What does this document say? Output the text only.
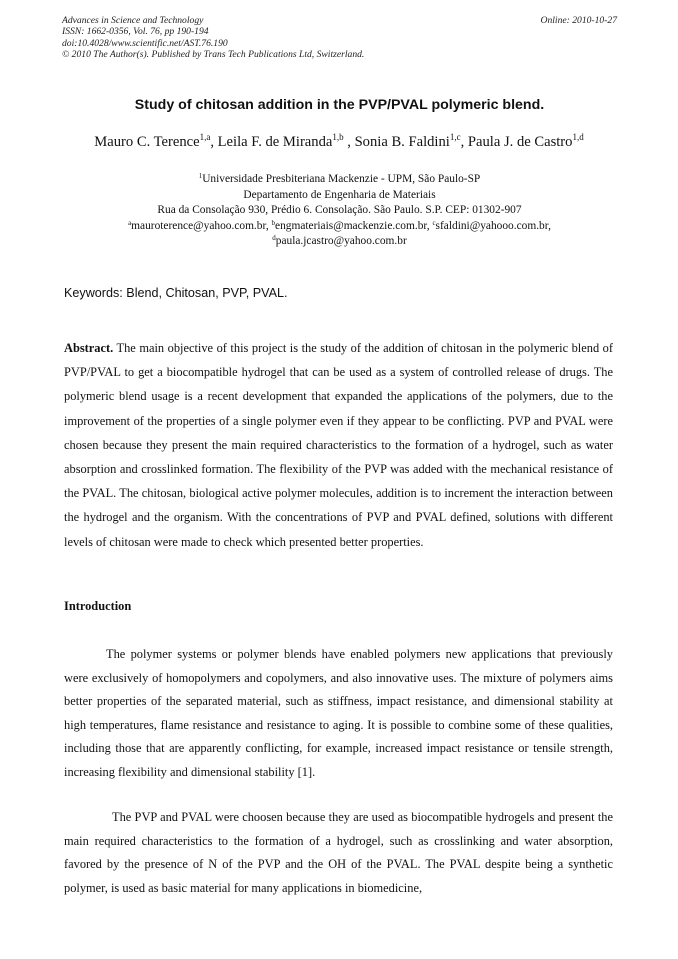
Advances in Science and Technology
ISSN: 1662-0356, Vol. 76, pp 190-194
doi:10.4028/www.scientific.net/AST.76.190
© 2010 The Author(s). Published by Trans Tech Publications Ltd, Switzerland.
Online: 2010-10-27
Study of chitosan addition in the PVP/PVAL polymeric blend.
Mauro C. Terence$^{1,a}$, Leila F. de Miranda$^{1,b}$ , Sonia B. Faldini$^{1,c}$, Paula J. de Castro$^{1,d}$
$^1$Universidade Presbiteriana Mackenzie - UPM, São Paulo-SP
Departamento de Engenharia de Materiais
Rua da Consolação 930, Prédio 6. Consolação. São Paulo. S.P. CEP: 01302-907
$^a$mauroterence@yahoo.com.br, $^b$engmateriais@mackenzie.com.br, $^c$sfaldini@yahooo.com.br,
$^d$paula.jcastro@yahoo.com.br
Keywords: Blend, Chitosan, PVP, PVAL.

Abstract. The main objective of this project is the study of the addition of chitosan in the polymeric blend of PVP/PVAL to get a biocompatible hydrogel that can be used as a system of controlled release of drugs. The polymeric blend usage is a recent development that expanded the applications of the polymers, due to the improvement of the properties of a single polymer even if they appear to be conflicting. PVP and PVAL were chosen because they present the main required characteristics to the formation of a hydrogel, such as water absorption and crosslinked formation. The flexibility of the PVP was added with the mechanical resistance of the PVAL. The chitosan, biological active polymer molecules, addition is to increment the interaction between the hydrogel and the organism. With the concentrations of PVP and PVAL defined, solutions with different levels of chitosan were made to check which presented better properties.

Introduction

The polymer systems or polymer blends have enabled polymers new applications that previously were exclusively of homopolymers and copolymers, and also innovative uses. The mixture of polymers aims better properties of the separated material, such as stiffness, impact resistance, and dimensional stability at high temperatures, flame resistance and resistance to aging. It is possible to combine some of these qualities, including those that are apparently conflicting, for example, increased impact resistance or tensile strength, increasing flexibility and dimensional stability [1].

The PVP and PVAL were choosen because they are used as biocompatible hydrogels and present the main required characteristics to the formation of a hydrogel, such as crosslinking and water absorption, favored by the presence of N of the PVP and the OH of the PVAL. The PVAL despite being a synthetic polymer, is used as basic material for many applications in biomedicine,
